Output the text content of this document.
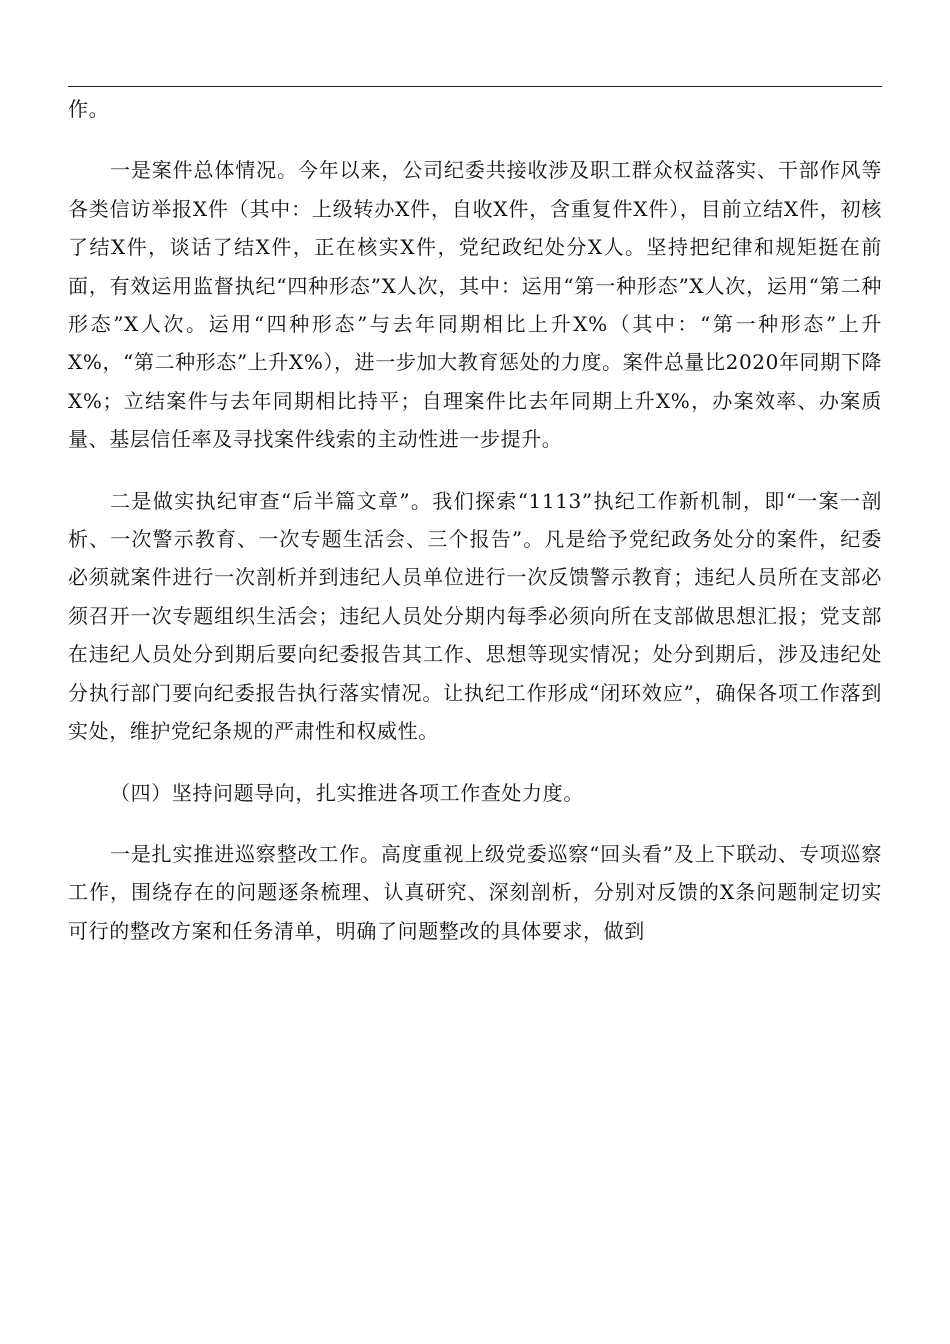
作。

一是案件总体情况。今年以来，公司纪委共接收涉及职工群众权益落实、干部作风等各类信访举报X件（其中：上级转办X件，自收X件，含重复件X件），目前立结X件，初核了结X件，谈话了结X件，正在核实X件，党纪政纪处分X人。坚持把纪律和规矩挺在前面，有效运用监督执纪“四种形态”X人次，其中：运用“第一种形态”X人次，运用“第二种形态”X人次。运用“四种形态”与去年同期相比上升X%（其中：“第一种形态”上升X%，“第二种形态”上升X%），进一步加大教育惩处的力度。案件总量比2020年同期下降X%；立结案件与去年同期相比持平；自理案件比去年同期上升X%，办案效率、办案质量、基层信任率及寻找案件线索的主动性进一步提升。

二是做实执纪审查“后半篇文章”。我们探索“1113”执纪工作新机制，即“一案一剖析、一次警示教育、一次专题生活会、三个报告”。凡是给予党纪政务处分的案件，纪委必须就案件进行一次剖析并到违纪人员单位进行一次反馈警示教育；违纪人员所在支部必须召开一次专题组织生活会；违纪人员处分期内每季必须向所在支部做思想汇报；党支部在违纪人员处分到期后要向纪委报告其工作、思想等现实情况；处分到期后，涉及违纪处分执行部门要向纪委报告执行落实情况。让执纪工作形成“闭环效应”，确保各项工作落到实处，维护党纪条规的严肃性和权威性。

（四）坚持问题导向，扎实推进各项工作查处力度。

一是扎实推进巡察整改工作。高度重视上级党委巡察“回头看”及上下联动、专项巡察工作，围绕存在的问题逐条梳理、认真研究、深刻剖析，分别对反馈的X条问题制定切实可行的整改方案和任务清单，明确了问题整改的具体要求，做到
